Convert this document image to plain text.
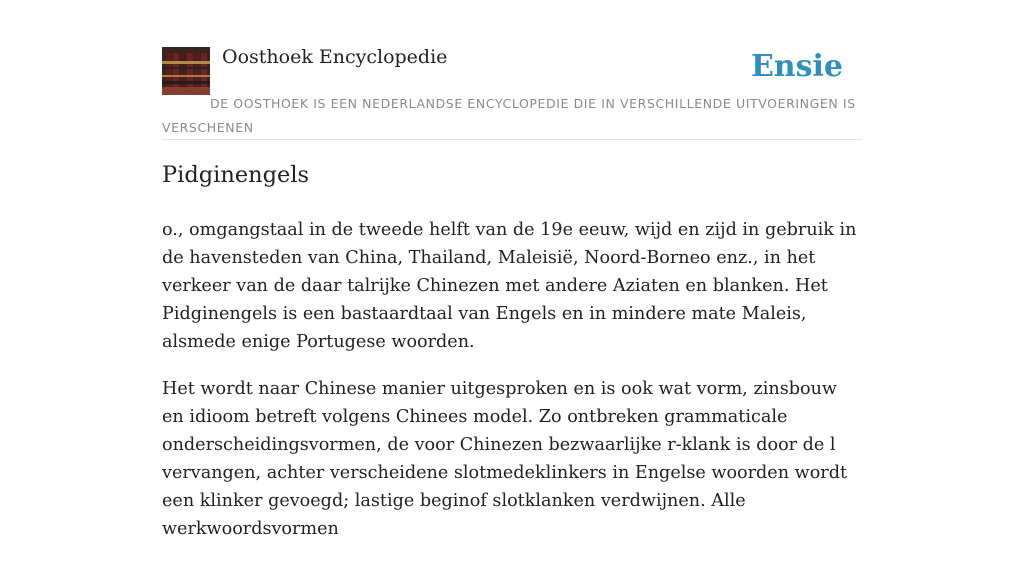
Oosthoek Encyclopedie	Ensie

DE OOSTHOEK IS EEN NEDERLANDSE ENCYCLOPEDIE DIE IN VERSCHILLENDE UITVOERINGEN IS VERSCHENEN

Pidginengels

o., omgangstaal in de tweede helft van de 19e eeuw, wijd en zijd in gebruik in de havensteden van China, Thailand, Maleisië, Noord-Borneo enz., in het verkeer van de daar talrijke Chinezen met andere Aziaten en blanken. Het Pidginengels is een bastaardtaal van Engels en in mindere mate Maleis, alsmede enige Portugese woorden.

Het wordt naar Chinese manier uitgesproken en is ook wat vorm, zinsbouw en idioom betreft volgens Chinees model. Zo ontbreken grammaticale onderscheidingsvormen, de voor Chinezen bezwaarlijke r-klank is door de l vervangen, achter verscheidene slotmedeklinkers in Engelse woorden wordt een klinker gevoegd; lastige beginof slotklanken verdwijnen. Alle werkwoordsvormen
